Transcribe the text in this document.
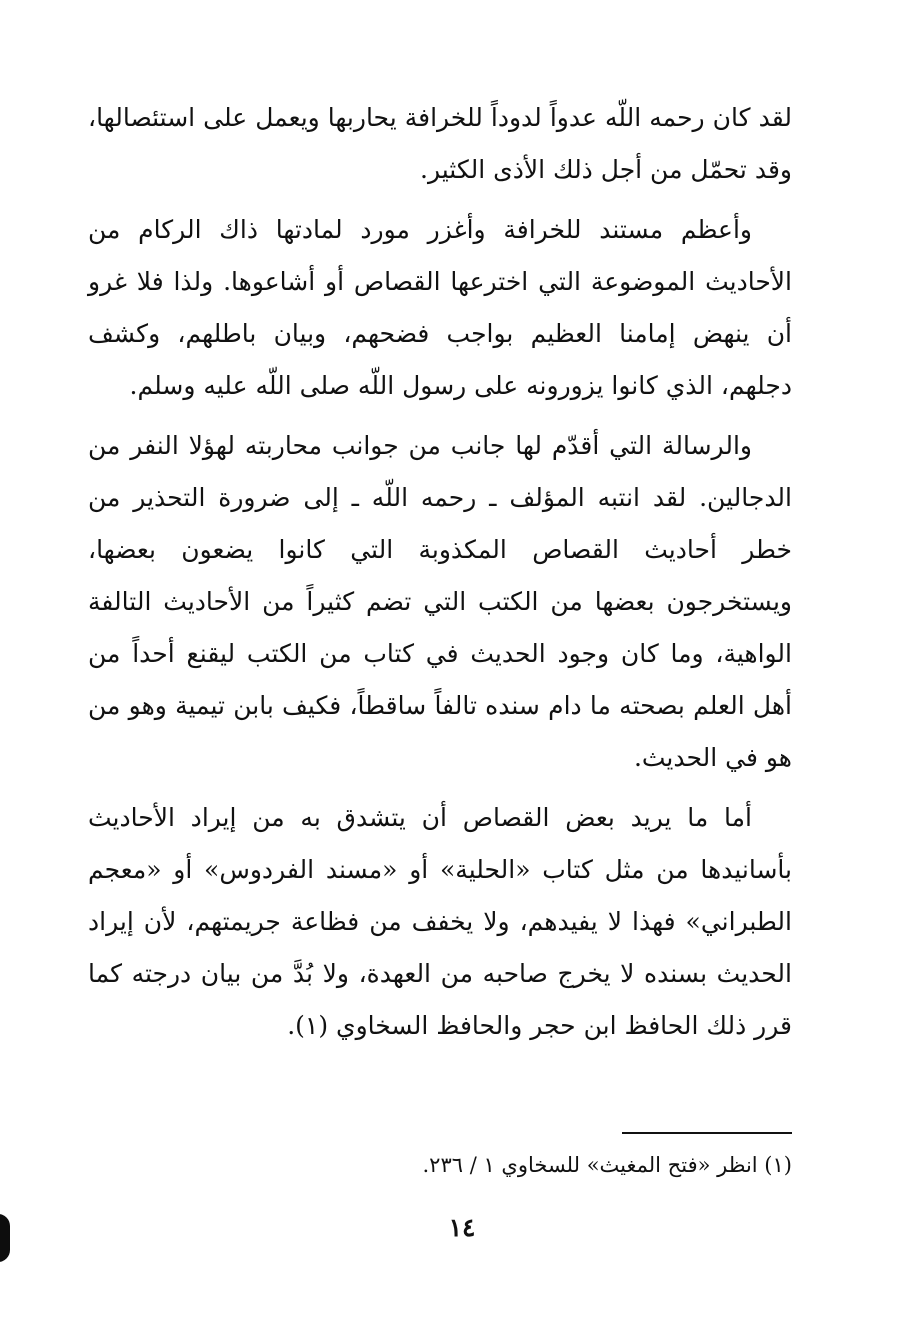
لقد كان رحمه اللّه عدواً لدوداً للخرافة يحاربها ويعمل على استئصالها، وقد تحمّل من أجل ذلك الأذى الكثير.

وأعظم مستند للخرافة وأغزر مورد لمادتها ذاك الركام من الأحاديث الموضوعة التي اخترعها القصاص أو أشاعوها. ولذا فلا غرو أن ينهض إمامنا العظيم بواجب فضحهم، وبيان باطلهم، وكشف دجلهم، الذي كانوا يزورونه على رسول اللّه صلى اللّه عليه وسلم.

والرسالة التي أقدّم لها جانب من جوانب محاربته لهؤلا النفر من الدجالين. لقد انتبه المؤلف ـ رحمه اللّه ـ إلى ضرورة التحذير من خطر أحاديث القصاص المكذوبة التي كانوا يضعون بعضها، ويستخرجون بعضها من الكتب التي تضم كثيراً من الأحاديث التالفة الواهية، وما كان وجود الحديث في كتاب من الكتب ليقنع أحداً من أهل العلم بصحته ما دام سنده تالفاً ساقطاً، فكيف بابن تيمية وهو من هو في الحديث.

أما ما يريد بعض القصاص أن يتشدق به من إيراد الأحاديث بأسانيدها من مثل كتاب «الحلية» أو «مسند الفردوس» أو «معجم الطبراني» فهذا لا يفيدهم، ولا يخفف من فظاعة جريمتهم، لأن إيراد الحديث بسنده لا يخرج صاحبه من العهدة، ولا بُدَّ من بيان درجته كما قرر ذلك الحافظ ابن حجر والحافظ السخاوي (١).

(١) انظر «فتح المغيث» للسخاوي ١ / ٢٣٦.
١٤
